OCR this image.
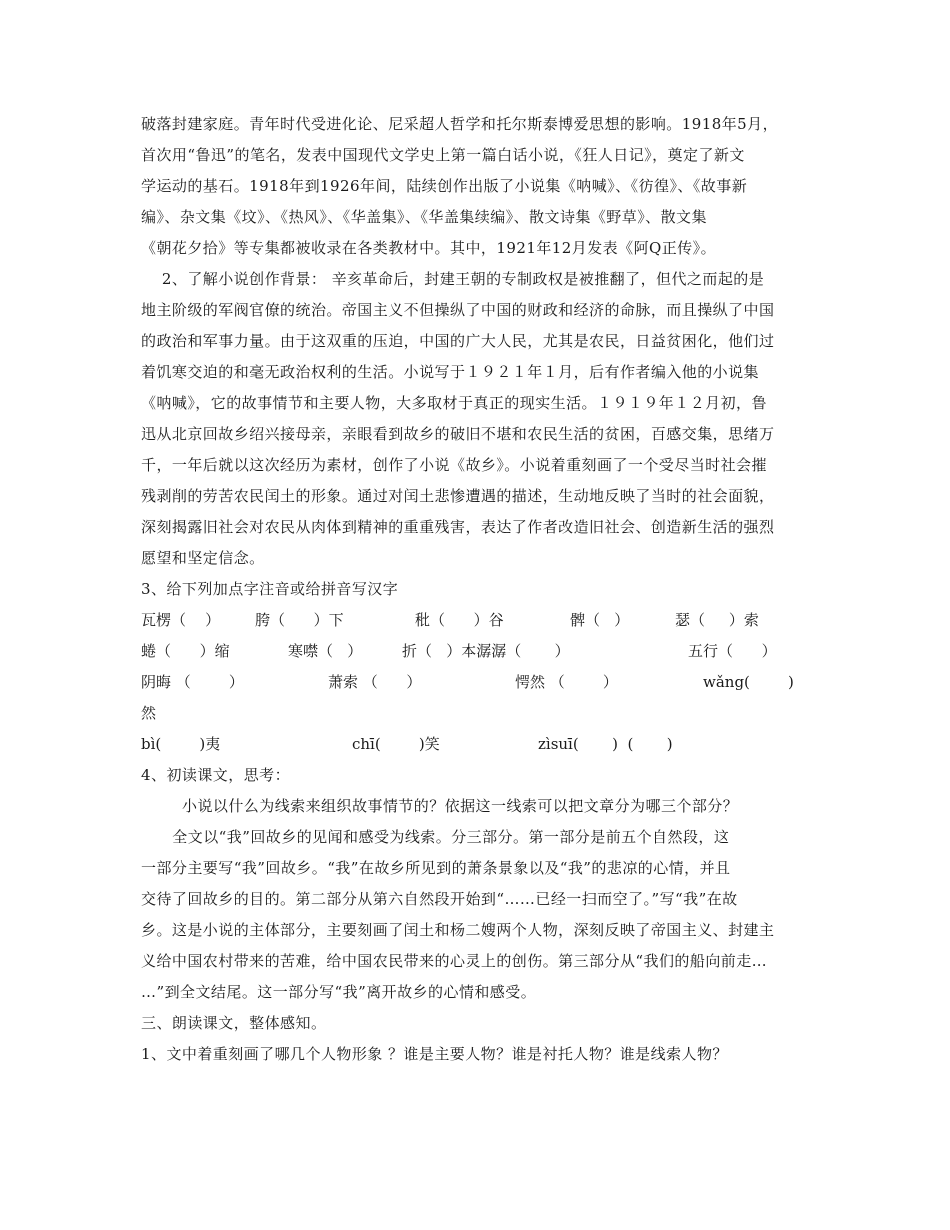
破落封建家庭。青年时代受进化论、尼采超人哲学和托尔斯泰博爱思想的影响。1918年5月，
首次用“鲁迅”的笔名，发表中国现代文学史上第一篇白话小说，《狂人日记》，奠定了新文
学运动的基石。1918年到1926年间，陆续创作出版了小说集《呐喊》、《彷徨》、《故事新
编》、杂文集《坟》、《热风》、《华盖集》、《华盖集续编》、散文诗集《野草》、散文集
《朝花夕拾》等专集都被收录在各类教材中。其中，1921年12月发表《阿Q正传》。
2、了解小说创作背景： 辛亥革命后，封建王朝的专制政权是被推翻了，但代之而起的是
地主阶级的军阀官僚的统治。帝国主义不但操纵了中国的财政和经济的命脉，而且操纵了中国
的政治和军事力量。由于这双重的压迫，中国的广大人民，尤其是农民，日益贫困化，他们过
着饥寒交迫的和毫无政治权利的生活。小说写于１９２１年１月，后有作者编入他的小说集
《呐喊》，它的故事情节和主要人物，大多取材于真正的现实生活。１９１９年１２月初，鲁
迅从北京回故乡绍兴接母亲，亲眼看到故乡的破旧不堪和农民生活的贫困，百感交集，思绪万
千，一年后就以这次经历为素材，创作了小说《故乡》。小说着重刻画了一个受尽当时社会摧
残剥削的劳苦农民闰土的形象。通过对闰土悲惨遭遇的描述，生动地反映了当时的社会面貌，
深刻揭露旧社会对农民从肉体到精神的重重残害，表达了作者改造旧社会、创造新生活的强烈
愿望和坚定信念。
3、给下列加点字注音或给拼音写汉字
瓦楞（    ） 胯（      ）下	秕（      ）谷	髀（   ）	瑟（     ）索
蜷（      ）缩	寒噤（   ）	折（   ）本潺潺（       ）	五行（      ）
阴晦 （        ）	萧索 （      ）	愕然 （        ）	wǎng(        )
然
bì(        )夷	chī(        )笑	zìsuī(       )  (       )
4、初读课文，思考：
小说以什么为线索来组织故事情节的？依据这一线索可以把文章分为哪三个部分？
全文以“我”回故乡的见闻和感受为线索。分三部分。第一部分是前五个自然段，这
一部分主要写“我”回故乡。“我”在故乡所见到的萧条景象以及“我”的悲凉的心情，并且
交待了回故乡的目的。第二部分从第六自然段开始到“……已经一扫而空了。”写“我”在故
乡。这是小说的主体部分，主要刻画了闰土和杨二嫂两个人物，深刻反映了帝国主义、封建主
义给中国农村带来的苦难，给中国农民带来的心灵上的创伤。第三部分从“我们的船向前走…
…”到全文结尾。这一部分写“我”离开故乡的心情和感受。
三、朗读课文，整体感知。
1、文中着重刻画了哪几个人物形象 ？谁是主要人物？谁是衬托人物？谁是线索人物？
